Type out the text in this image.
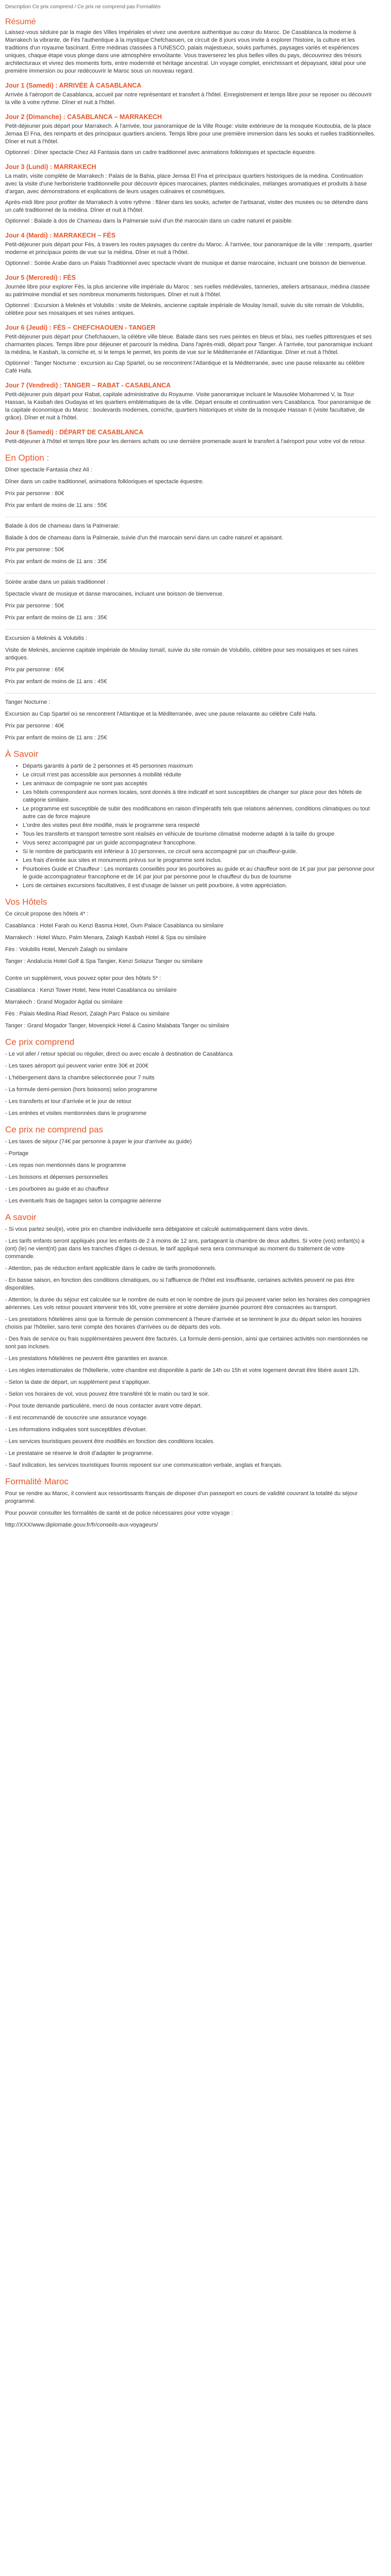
Description Ce prix comprend / Ce prix ne comprend pas Formalités
Résumé

Laissez-vous séduire par la magie des Villes Impériales et vivez une aventure authentique au cœur du Maroc. De Casablanca la moderne à Marrakech la vibrante, de Fès l'authentique à la mystique Chefchaouen, ce circuit de 8 jours vous invite à explorer l'histoire, la culture et les traditions d'un royaume fascinant. Entre médinas classées à l'UNESCO, palais majestueux, souks parfumés, paysages variés et expériences uniques, chaque étape vous plonge dans une atmosphère envoûtante. Vous traverserez les plus belles villes du pays, découvrirez des trésors architecturaux et vivrez des moments forts, entre modernité et héritage ancestral. Un voyage complet, enrichissant et dépaysant, idéal pour une première immersion ou pour redécouvrir le Maroc sous un nouveau regard.

Jour 1 (Samedi) : ARRIVÉE À CASABLANCA

Arrivée à l'aéroport de Casablanca, accueil par notre représentant et transfert à l'hôtel. Enregistrement et temps libre pour se reposer ou découvrir la ville à votre rythme. Dîner et nuit à l'hôtel.

Jour 2 (Dimanche) : CASABLANCA – MARRAKECH

Petit-déjeuner puis départ pour Marrakech. À l'arrivée, tour panoramique de la Ville Rouge: visite extérieure de la mosquée Koutoubia, de la place Jemaa El Fna, des remparts et des principaux quartiers anciens. Temps libre pour une première immersion dans les souks et ruelles traditionnelles. Dîner et nuit à l'hôtel.

Optionnel : Dîner spectacle Chez Ali Fantasia dans un cadre traditionnel avec animations folkloriques et spectacle équestre.

Jour 3 (Lundi) : MARRAKECH

La matin, visite complète de Marrakech : Palais de la Bahia, place Jemaa El Fna et principaux quartiers historiques de la médina. Continuation avec la visite d'une herboristerie traditionnelle pour découvrir épices marocaines, plantes médicinales, mélanges aromatiques et produits à base d'argan, avec démonstrations et explications de leurs usages culinaires et cosmétiques.

Après-midi libre pour profiter de Marrakech à votre rythme : flâner dans les souks, acheter de l'artisanat, visiter des musées ou se détendre dans un café traditionnel de la médina. Dîner et nuit à l'hôtel.

Optionnel : Balade à dos de Chameau dans la Palmeraie suivi d'un thé marocain dans un cadre naturel et paisible.

Jour 4 (Mardi) : MARRAKECH – FÈS

Petit-déjeuner puis départ pour Fès, à travers les routes paysages du centre du Maroc. À l'arrivée, tour panoramique de la ville : remparts, quartier moderne et principaux points de vue sur la médina. Dîner et nuit à l'hôtel.

Optionnel : Soirée Arabe dans un Palais Traditionnel avec spectacle vivant de musique et danse marocaine, incluant une boisson de bienvenue.

Jour 5 (Mercredi) : FÈS

Journée libre pour explorer Fès, la plus ancienne ville impériale du Maroc : ses ruelles médiévales, tanneries, ateliers artisanaux, médina classée au patrimoine mondial et ses nombreux monuments historiques. Dîner et nuit à l'hôtel.

Optionnel : Excursion à Meknès et Volubilis : visite de Meknès, ancienne capitale impériale de Moulay Ismaïl, suivie du site romain de Volubilis, célèbre pour ses mosaïques et ses ruines antiques.

Jour 6 (Jeudi) : FÈS – CHEFCHAOUEN - TANGER

Petit-déjeuner puis départ pour Chefchaouen, la célèbre ville bleue. Balade dans ses rues peintes en bleus et blau, ses ruelles pittoresques et ses charmantes places. Temps libre pour déjeuner et parcourir la médina. Dans l'après-midi, départ pour Tanger. À l'arrivée, tour panoramique incluant la médina, le Kasbah, la corniche et, si le temps le permet, les points de vue sur le Méditerranée et l'Atlantique. Dîner et nuit à l'hôtel.

Optionnel : Tanger Nocturne : excursion au Cap Spartel, ou se rencontrent l'Atlantique et la Méditerranée, avec une pause relaxante au célèbre Café Hafa.

Jour 7 (Vendredi) : TANGER – RABAT - CASABLANCA

Petit-déjeuner puis départ pour Rabat, capitale administrative du Royaume. Visite panoramique incluant le Mausolée Mohammed V, la Tour Hassan, la Kasbah des Oudayas et les quartiers emblématiques de la ville. Départ ensuite et continuation vers Casablanca. Tour panoramique de la capitale économique du Maroc : boulevards modernes, corniche, quartiers historiques et visite de la mosquée Hassan II (visite facultative, de grâce). Dîner et nuit à l'hôtel.

Jour 8 (Samedi) : DÉPART DE CASABLANCA

Petit-déjeuner à l'hôtel et temps libre pour les derniers achats ou une dernière promenade avant le transfert à l'aéroport pour votre vol de retour.

En Option :

Dîner spectacle Fantasia chez Ali :

Dîner dans un cadre traditionnel, animations folkloriques et spectacle équestre.

Prix par personne : 80€

Prix par enfant de moins de 11 ans : 55€

Balade à dos de chameau dans la Palmeraie:

Balade à dos de chameau dans la Palmeraie, suivie d'un thé marocain servi dans un cadre naturel et apaisant.

Prix par personne : 50€

Prix par enfant de moins de 11 ans : 35€

Soirée arabe dans un palais traditionnel :

Spectacle vivant de musique et danse marocaines, incluant une boisson de bienvenue.

Prix par personne : 50€

Prix par enfant de moins de 11 ans : 35€

Excursion à Meknès & Volubilis :

Visite de Meknès, ancienne capitale impériale de Moulay Ismaïl, suivie du site romain de Volubilis, célèbre pour ses mosaïques et ses ruines antiques.

Prix par personne : 65€

Prix par enfant de moins de 11 ans : 45€

Tanger Nocturne :

Excursion au Cap Spartel où se rencontrent l'Atlantique et la Méditerranée, avec une pause relaxante au célèbre Café Hafa.

Prix par personne : 40€

Prix par enfant de moins de 11 ans : 25€

À Savoir
• Départs garantis à partir de 2 personnes et 45 personnes maximum
• Le circuit n'est pas accessible aux personnes à mobilité réduite
• Les animaux de compagnie ne sont pas acceptés
• Les hôtels correspondent aux normes locales, sont donnés à titre indicatif et sont susceptibles de changer sur place pour des hôtels de catégorie similaire.
• Le programme est susceptible de subir des modifications en raison d'impératifs tels que relations aériennes, conditions climatiques ou tout autre cas de force majeure
• L'ordre des visites peut être modifié, mais le programme sera respecté
• Tous les transferts et transport terrestre sont réalisés en véhicule de tourisme climatisé moderne adapté à la taille du groupe
• Vous serez accompagné par un guide accompagnateur francophone.
• Si le nombre de participants est inférieur à 10 personnes, ce circuit sera accompagné par un chauffeur-guide.
• Les frais d'entrée aux sites et monuments prévus sur le programme sont inclus.
• Pourboires Guide et Chauffeur : Les montants conseillés pour les pourboires au guide et au chauffeur sont de 1€ par jour par personne pour le guide accompagnateur francophone et de 1€ par jour par personne pour le chauffeur du bus de tourisme
• Lors de certaines excursions facultatives, il est d'usage de laisser un petit pourboire, à votre appréciation.
Vos Hôtels

Ce circuit propose des hôtels 4* :

Casablanca : Hotel Farah ou Kenzi Basma Hotel, Oum Palace Casablanca ou similaire

Marrakech : Hotel Wazo, Palm Menara, Zalagh Kasbah Hotel & Spa ou similaire

Fès : Volubilis Hotel, Menzeh Zalagh ou similaire

Tanger : Andalucia Hotel Golf & Spa Tangier, Kenzi Solazur Tanger ou similaire

Contre un supplément, vous pouvez opter pour des hôtels 5* :

Casablanca : Kenzi Tower Hotel, New Hotel Casablanca ou similaire

Marrakech : Grand Mogador Agdal ou similaire

Fès : Palais Medina Riad Resort, Zalagh Parc Palace ou similaire

Tanger : Grand Mogador Tanger, Movenpick Hotel & Casino Malabata Tanger ou similaire

Ce prix comprend

- Le vol aller / retour spécial ou régulier, direct ou avec escale à destination de Casablanca

- Les taxes aéroport qui peuvent varier entre 30€ et 200€

- L'hébergement dans la chambre sélectionnée pour 7 nuits

- La formule demi-pension (hors boissons) selon programme

- Les transferts et tour d'arrivée et le jour de retour

- Les entrées et visites mentionnées dans le programme

Ce prix ne comprend pas

- Les taxes de séjour (74€ par personne à payer le jour d'arrivée au guide)

- Portage

- Les repas non mentionnés dans le programme

- Les boissons et dépenses personnelles

- Les pourboires au guide et au chauffeur

- Les éventuels frais de bagages selon la compagnie aérienne

A savoir

- Si vous partez seul(e), votre prix en chambre individuelle sera débigatoire et calculé automatiquement dans votre devis.

- Les tarifs enfants seront appliqués pour les enfants de 2 à moins de 12 ans, partageant la chambre de deux adultes. Si votre (vos) enfant(s) a (ont) (le) ne vient(nt) pas dans les tranches d'âges ci-dessus, le tarif appliqué sera sera communiqué au moment du traitement de votre commande.

- Attention, pas de réduction enfant applicable dans le cadre de tarifs promotionnels.

- En basse saison, en fonction des conditions climatiques, ou si l'affluence de l'hôtel est insuffisante, certaines activités peuvent ne pas être disponibles.

- Attention, la durée du séjour est calculée sur le nombre de nuits et non le nombre de jours qui peuvent varier selon les horaires des compagnies aériennes. Les vols retour pouvant intervenir très tôt, votre première et votre dernière journée pourront être consacrées au transport.

- Les prestations hôtelières ainsi que la formule de pension commencent à l'heure d'arrivée et se terminent le jour du départ selon les horaires choisis par l'hôtelier, sans tenir compte des horaires d'arrivées ou de départs des vols.

- Des frais de service ou frais supplémentaires peuvent être facturés. La formule demi-pension, ainsi que certaines activités non mentionnées ne sont pas incluses.

- Les prestations hôtelières ne peuvent être garanties en avance.

- Les règles internationales de l'hôtellerie, votre chambre est disponible à partir de 14h ou 15h et votre logement devrait être libéré avant 12h.

- Selon la date de départ, un supplément peut s'appliquer.

- Selon vos horaires de vol, vous pouvez être transféré tôt le matin ou tard le soir.

- Pour toute demande particulière, merci de nous contacter avant votre départ.

- Il est recommandé de souscrire une assurance voyage.

- Les informations indiquées sont susceptibles d'évoluer.

- Les services touristiques peuvent être modifiés en fonction des conditions locales.

- Le prestataire se réserve le droit d'adapter le programme.

- Sauf indication, les services touristiques fournis reposent sur une communication verbale, anglais et français.

Formalité Maroc

Pour se rendre au Maroc, il convient aux ressortissants français de disposer d'un passeport en cours de validité couvrant la totalité du séjour programmé.

Pour pouvoir consulter les formalités de santé et de police nécessaires pour votre voyage :

http://XXX/www.diplomatie.gouv.fr/fr/conseils-aux-voyageurs/
